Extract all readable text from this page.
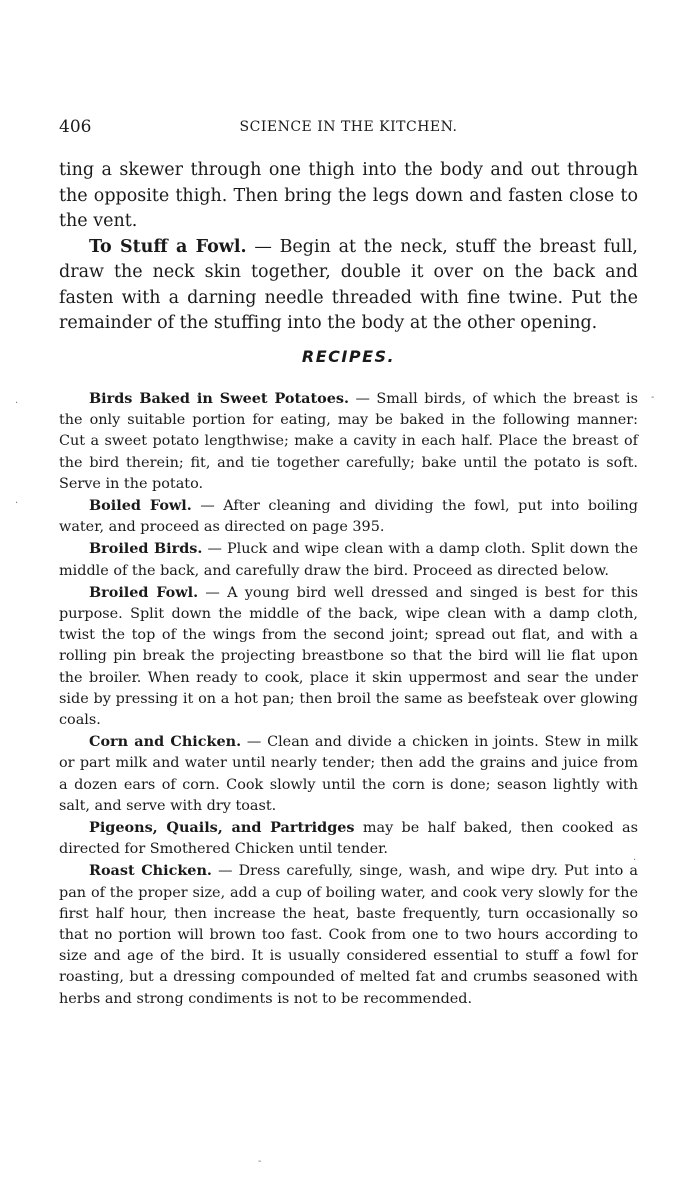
406	SCIENCE IN THE KITCHEN.

ting a skewer through one thigh into the body and out through the opposite thigh. Then bring the legs down and fasten close to the vent.

To Stuff a Fowl. — Begin at the neck, stuff the breast full, draw the neck skin together, double it over on the back and fasten with a darning needle threaded with fine twine. Put the remainder of the stuffing into the body at the other opening.

RECIPES.

Birds Baked in Sweet Potatoes. — Small birds, of which the breast is the only suitable portion for eating, may be baked in the following manner: Cut a sweet potato lengthwise; make a cavity in each half. Place the breast of the bird therein; fit, and tie together carefully; bake until the potato is soft. Serve in the potato.

Boiled Fowl. — After cleaning and dividing the fowl, put into boiling water, and proceed as directed on page 395.

Broiled Birds. — Pluck and wipe clean with a damp cloth. Split down the middle of the back, and carefully draw the bird. Proceed as directed below.

Broiled Fowl. — A young bird well dressed and singed is best for this purpose. Split down the middle of the back, wipe clean with a damp cloth, twist the top of the wings from the second joint; spread out flat, and with a rolling pin break the projecting breastbone so that the bird will lie flat upon the broiler. When ready to cook, place it skin uppermost and sear the under side by pressing it on a hot pan; then broil the same as beefsteak over glowing coals.

Corn and Chicken. — Clean and divide a chicken in joints. Stew in milk or part milk and water until nearly tender; then add the grains and juice from a dozen ears of corn. Cook slowly until the corn is done; season lightly with salt, and serve with dry toast.

Pigeons, Quails, and Partridges may be half baked, then cooked as directed for Smothered Chicken until tender.

Roast Chicken. — Dress carefully, singe, wash, and wipe dry. Put into a pan of the proper size, add a cup of boiling water, and cook very slowly for the first half hour, then increase the heat, baste frequently, turn occasionally so that no portion will brown too fast. Cook from one to two hours according to size and age of the bird. It is usually considered essential to stuff a fowl for roasting, but a dressing compounded of melted fat and crumbs seasoned with herbs and strong condiments is not to be recommended.

-
·
·
·
-
